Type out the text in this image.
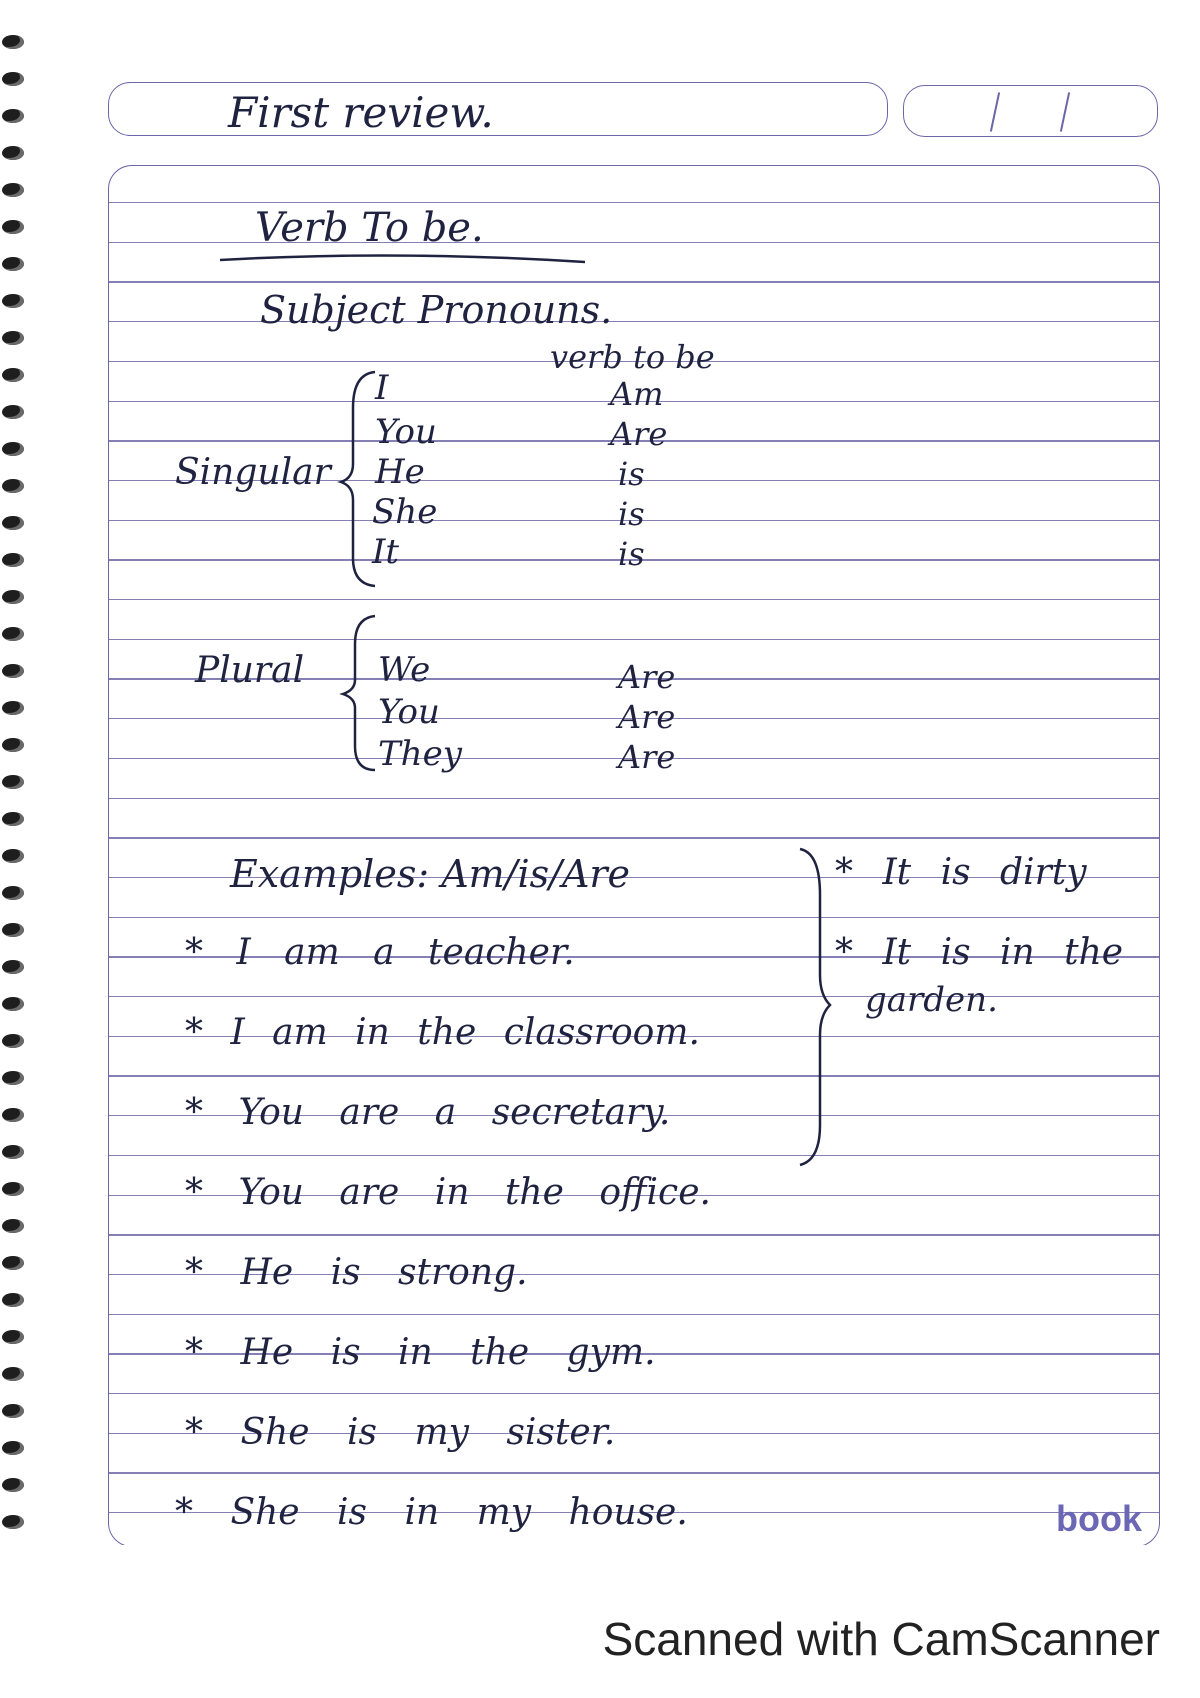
First review.
Verb To be.
Subject Pronouns.
verb to be
Singular
I	Am
You	Are
He	is
She	is
It	is
Plural We	Are
You	Are
They	Are
Examples: Am/is/Are
* I am a teacher.
* I am in the classroom.
* You are a secretary.
* You are in the office.
* He is strong.
* He is in the gym.
* She is my sister.
* She is in my house.
* It is dirty
* It is in the
garden.
book
Scanned with CamScanner
